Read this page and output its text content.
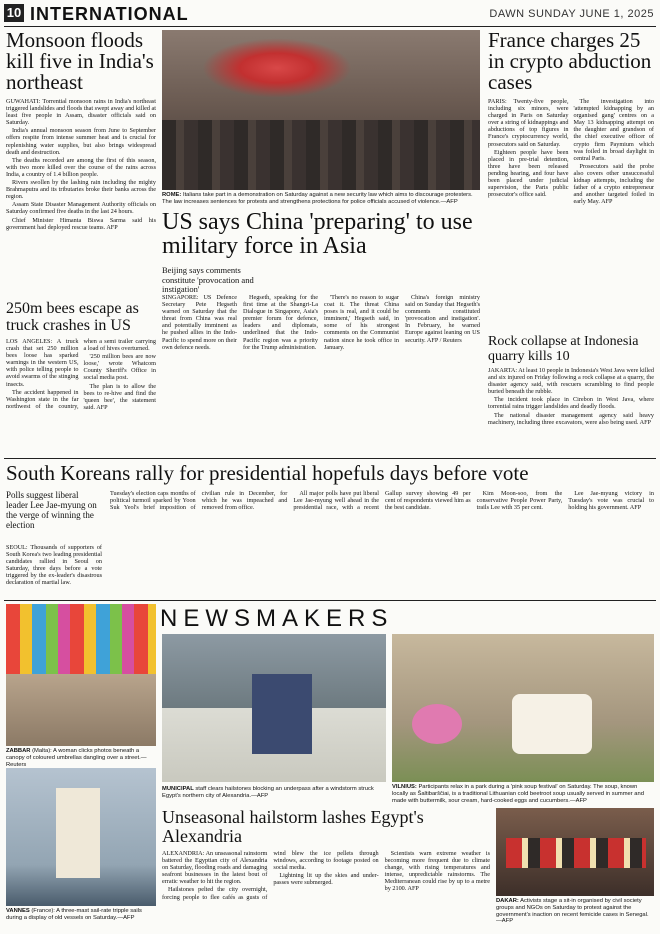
10 INTERNATIONAL	DAWN SUNDAY JUNE 1, 2025
Monsoon floods kill five in India's northeast

GUWAHATI: Torrential monsoon rains in India's northeast triggered landslides and floods that swept away and killed at least five people in Assam, disaster officials said on Saturday.

India's annual monsoon season from June to September offers respite from intense summer heat and is crucial for replenishing water supplies, but also brings widespread death and destruction.

The deaths recorded are among the first of this season, with two more killed over the course of the rains across India, a country of 1.4 billion people.

Rivers swollen by the lashing rain including the mighty Brahmaputra and its tributaries broke their banks across the region.

Assam State Disaster Management Authority officials on Saturday confirmed five deaths in the last 24 hours.

Chief Minister Himanta Biswa Sarma said his government had deployed rescue teams. AFP

ROME: Italians take part in a demonstration on Saturday against a new security law which aims to discourage protesters. The law increases sentences for protests and strengthens protections for police officials accused of violence.—AFP
France charges 25 in crypto abduction cases

PARIS: Twenty-five people, including six minors, were charged in Paris on Saturday over a string of kidnappings and abductions of top figures in France's cryptocurrency world, prosecutors said on Saturday.

Eighteen people have been placed in pre-trial detention, three have been released pending hearing, and four have been placed under judicial supervision, the Paris public prosecutor's office said.

The investigation into 'attempted kidnapping by an organised gang' centres on a May 13 kidnapping attempt on the daughter and grandson of the chief executive officer of crypto firm Paymium which was foiled in broad daylight in central Paris.

Prosecutors said the probe also covers other unsuccessful kidnap attempts, including the father of a crypto entrepreneur and another targeted foiled in early May. AFP

US says China 'preparing' to use military force in Asia
Beijing says comments constitute 'provocation and instigation'

SINGAPORE: US Defence Secretary Pete Hegseth warned on Saturday that the threat from China was real and potentially imminent as he pushed allies in the Indo-Pacific to spend more on their own defence needs.

Hegseth, speaking for the first time at the Shangri-La Dialogue in Singapore, Asia's premier forum for defence, leaders and diplomats, underlined that the Indo-Pacific region was a priority for the Trump administration.

'There's no reason to sugar coat it. The threat China poses is real, and it could be imminent,' Hegseth said, in some of his strongest comments on the Communist nation since he took office in January.

China's foreign ministry said on Sunday that Hegseth's comments constituted 'provocation and instigation'. In February, he warned Europe against leaning on US security. AFP / Reuters

250m bees escape as truck crashes in US

LOS ANGELES: A truck crash that set 250 million bees loose has sparked warnings in the western US, with police telling people to avoid swarms of the stinging insects.

The accident happened in Washington state in the far northwest of the country, when a semi trailer carrying a load of hives overturned.

'250 million bees are now loose,' wrote Whatcom County Sheriff's Office in social media post.

The plan is to allow the bees to re-hive and find the 'queen bee', the statement said. AFP

Rock collapse at Indonesia quarry kills 10

JAKARTA: At least 10 people in Indonesia's West Java were killed and six injured on Friday following a rock collapse at a quarry, the disaster agency said, with rescuers scrambling to find people buried beneath the rubble.

The incident took place in Cirebon in West Java, where torrential rains trigger landslides and deadly floods.

The national disaster management agency said heavy machinery, including three excavators, were also being used. AFP

South Koreans rally for presidential hopefuls days before vote
Polls suggest liberal leader Lee Jae-myung on the verge of winning the election

SEOUL: Thousands of supporters of South Korea's two leading presidential candidates rallied in Seoul on Saturday, three days before a vote triggered by the ex-leader's disastrous declaration of martial law.

Tuesday's election caps months of political turmoil sparked by Yoon Suk Yeol's brief imposition of civilian rule in December, for which he was impeached and removed from office.

All major polls have put liberal Lee Jae-myung well ahead in the presidential race, with a recent Gallup survey showing 49 per cent of respondents viewed him as the best candidate.

Kim Moon-soo, from the conservative People Power Party, trails Lee with 35 per cent.

Lee Jae-myung victory in Tuesday's vote was crucial to holding his government. AFP

NEWSMAKERS
ZABBAR (Malta): A woman clicks photos beneath a canopy of coloured umbrellas dangling over a street.—Reuters
MUNICIPAL staff clears hailstones blocking an underpass after a windstorm struck Egypt's northern city of Alexandria.—AFP
VILNIUS: Participants relax in a park during a 'pink soup festival' on Saturday. The soup, known locally as Šaltibarščiai, is a traditional Lithuanian cold beetroot soup usually served in summer and made with buttermilk, sour cream, hard-cooked eggs and cucumbers.—AFP
VANNES (France): A three-mast sail-rate tripple sails during a display of old vessels on Saturday.—AFP
Unseasonal hailstorm lashes Egypt's Alexandria

ALEXANDRIA: An unseasonal rainstorm battered the Egyptian city of Alexandria on Saturday, flooding roads and damaging seafront businesses in the latest bout of erratic weather to hit the region.

Hailstones pelted the city overnight, forcing people to flee cafés as gusts of wind blew the ice pellets through windows, according to footage posted on social media.

Lightning lit up the skies and under-passes were submerged.

Scientists warn extreme weather is becoming more frequent due to climate change, with rising temperatures and intense, unpredictable rainstorms. The Mediterranean could rise by up to a metre by 2100. AFP

DAKAR: Activists stage a sit-in organised by civil society groups and NGOs on Saturday to protest against the government's inaction on recent femicide cases in Senegal.—AFP
